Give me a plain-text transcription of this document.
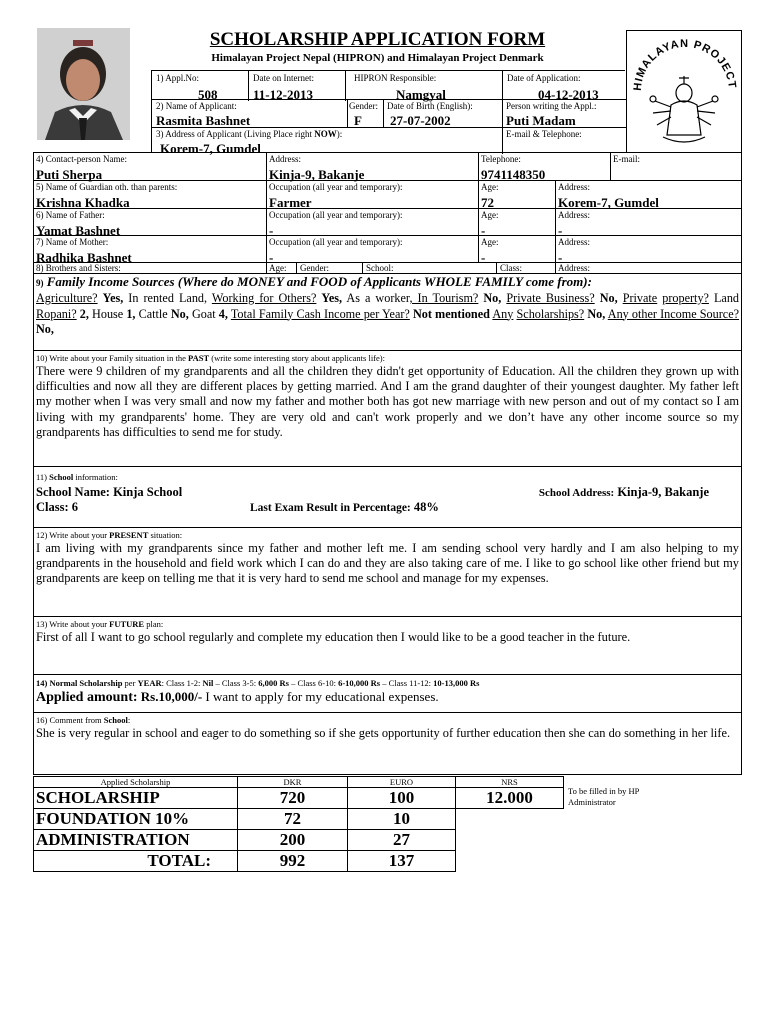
HIMALAYAN PROJECT
SCHOLARSHIP APPLICATION FORM
Himalayan Project Nepal (HIPRON) and Himalayan Project Denmark
1) Appl.No:
508
Date on Internet:
11-12-2013
HIPRON Responsible:
Namgyal
Date of Application:
04-12-2013
2) Name of Applicant:
Rasmita Bashnet
Gender:
F
Date of Birth (English):
27-07-2002
Person writing the Appl.:
Puti Madam
3) Address of Applicant (Living Place right NOW):
Korem-7, Gumdel
E-mail & Telephone:
4) Contact-person Name:
Puti Sherpa
Address:
Kinja-9, Bakanje
Telephone:
9741148350
E-mail:
5) Name of Guardian oth. than parents:
Krishna Khadka
Occupation (all year and temporary):
Farmer
Age:
72
Address:
Korem-7, Gumdel
6) Name of Father:
Yamat Bashnet
Occupation (all year and temporary):
-
Age:
-
Address:
-
7) Name of Mother:
Radhika Bashnet
Occupation (all year and temporary):
-
Age:
-
Address:
-
8) Brothers and Sisters:	Age:	Gender:	School:	Class:	Address:
9) Family Income Sources (Where do MONEY and FOOD of Applicants WHOLE FAMILY come from):
Agriculture? Yes, In rented Land, Working for Others? Yes, As a worker, In Tourism? No, Private Business? No, Private property? Land Ropani? 2, House 1, Cattle No, Goat 4, Total Family Cash Income per Year? Not mentioned Any Scholarships? No, Any other Income Source? No,
10) Write about your Family situation in the PAST (write some interesting story about applicants life):
There were 9 children of my grandparents and all the children they didn't get opportunity of Education. All the children they grown up with difficulties and now all they are different places by getting married. And I am the grand daughter of their youngest daughter. My father left my mother when I was very small and now my father and mother both has got new marriage with new person and out of my contact so I am living with my grandparents' home. They are very old and can't work properly and we don’t have any other income source so my grandparents has difficulties to send me for study.
11) School information:
School Name: Kinja School	School Address: Kinja-9, Bakanje
Class: 6	Last Exam Result in Percentage: 48%
12) Write about your PRESENT situation:
I am living with my grandparents since my father and mother left me. I am sending school very hardly and I am also helping to my grandparents in the household and field work which I can do and they are also taking care of me. I like to go school like other friend but my grandparents are keep on telling me that it is very hard to send me school and manage for my expenses.
13) Write about your FUTURE plan:
First of all I want to go school regularly and complete my education then I would like to be a good teacher in the future.
14) Normal Scholarship per YEAR: Class 1-2: Nil – Class 3-5: 6,000 Rs – Class 6-10: 6-10,000 Rs – Class 11-12: 10-13,000 Rs
Applied amount: Rs.10,000/- I want to apply for my educational expenses.
16) Comment from School:
She is very regular in school and eager to do something so if she gets opportunity of further education then she can do something in her life.
Applied Scholarship	DKR	EURO	NRS
SCHOLARSHIP	720	100	12.000
FOUNDATION 10%	72	10	
ADMINISTRATION	200	27	
TOTAL:	992	137	
To be filled in by HP Administrator
